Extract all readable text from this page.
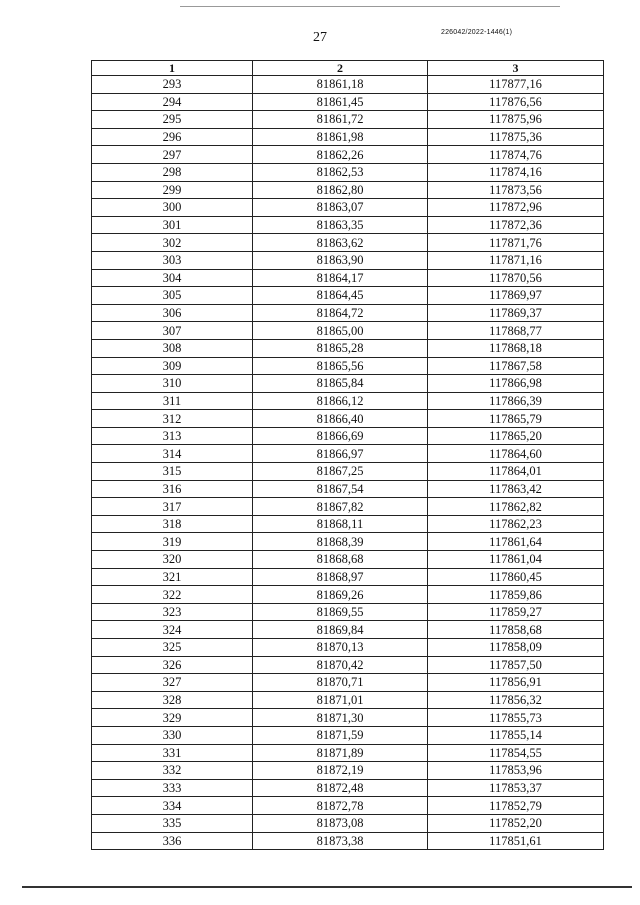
27	226042/2022-1446(1)
1	2	3
293	81861,18	117877,16
294	81861,45	117876,56
295	81861,72	117875,96
296	81861,98	117875,36
297	81862,26	117874,76
298	81862,53	117874,16
299	81862,80	117873,56
300	81863,07	117872,96
301	81863,35	117872,36
302	81863,62	117871,76
303	81863,90	117871,16
304	81864,17	117870,56
305	81864,45	117869,97
306	81864,72	117869,37
307	81865,00	117868,77
308	81865,28	117868,18
309	81865,56	117867,58
310	81865,84	117866,98
311	81866,12	117866,39
312	81866,40	117865,79
313	81866,69	117865,20
314	81866,97	117864,60
315	81867,25	117864,01
316	81867,54	117863,42
317	81867,82	117862,82
318	81868,11	117862,23
319	81868,39	117861,64
320	81868,68	117861,04
321	81868,97	117860,45
322	81869,26	117859,86
323	81869,55	117859,27
324	81869,84	117858,68
325	81870,13	117858,09
326	81870,42	117857,50
327	81870,71	117856,91
328	81871,01	117856,32
329	81871,30	117855,73
330	81871,59	117855,14
331	81871,89	117854,55
332	81872,19	117853,96
333	81872,48	117853,37
334	81872,78	117852,79
335	81873,08	117852,20
336	81873,38	117851,61
